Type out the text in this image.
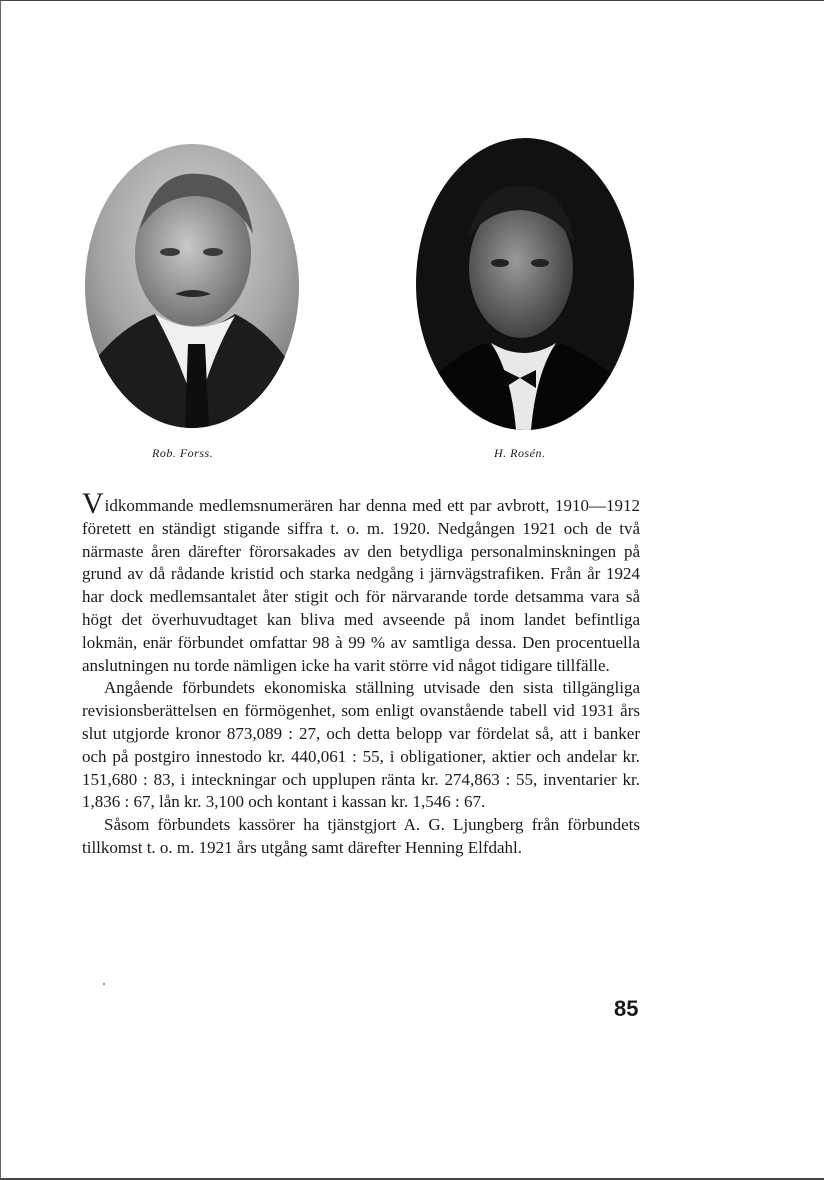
Rob. Forss.	H. Rosén.

Vidkommande medlemsnumerären har denna med ett par avbrott, 1910—1912 företett en ständigt stigande siffra t. o. m. 1920. Nedgången 1921 och de två närmaste åren därefter förorsakades av den betydliga personalminskningen på grund av då rådande kristid och starka nedgång i järnvägstrafiken. Från år 1924 har dock medlemsantalet åter stigit och för närvarande torde detsamma vara så högt det överhuvudtaget kan bliva med avseende på inom landet befintliga lokmän, enär förbundet omfattar 98 à 99 % av samtliga dessa. Den procentuella anslutningen nu torde nämligen icke ha varit större vid något tidigare tillfälle.

Angående förbundets ekonomiska ställning utvisade den sista tillgängliga revisionsberättelsen en förmögenhet, som enligt ovanstående tabell vid 1931 års slut utgjorde kronor 873,089 : 27, och detta belopp var fördelat så, att i banker och på postgiro innestodo kr. 440,061 : 55, i obligationer, aktier och andelar kr. 151,680 : 83, i inteckningar och upplupen ränta kr. 274,863 : 55, inventarier kr. 1,836 : 67, lån kr. 3,100 och kontant i kassan kr. 1,546 : 67.

Såsom förbundets kassörer ha tjänstgjort A. G. Ljungberg från förbundets tillkomst t. o. m. 1921 års utgång samt därefter Henning Elfdahl.

85
